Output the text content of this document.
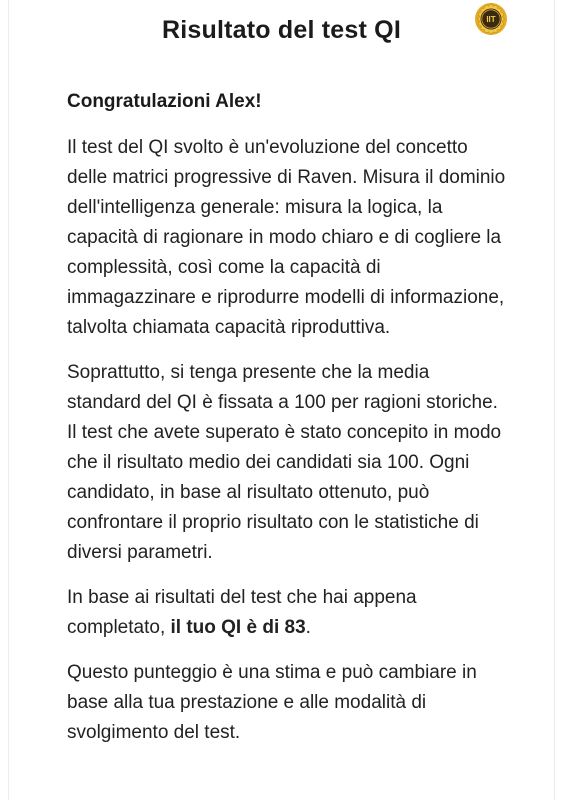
Risultato del test QI	IIT

Congratulazioni Alex!

Il test del QI svolto è un'evoluzione del concetto delle matrici progressive di Raven. Misura il dominio dell'intelligenza generale: misura la logica, la capacità di ragionare in modo chiaro e di cogliere la complessità, così come la capacità di immagazzinare e riprodurre modelli di informazione, talvolta chiamata capacità riproduttiva.

Soprattutto, si tenga presente che la media standard del QI è fissata a 100 per ragioni storiche. Il test che avete superato è stato concepito in modo che il risultato medio dei candidati sia 100. Ogni candidato, in base al risultato ottenuto, può confrontare il proprio risultato con le statistiche di diversi parametri.

In base ai risultati del test che hai appena completato, il tuo QI è di 83.

Questo punteggio è una stima e può cambiare in base alla tua prestazione e alle modalità di svolgimento del test.
